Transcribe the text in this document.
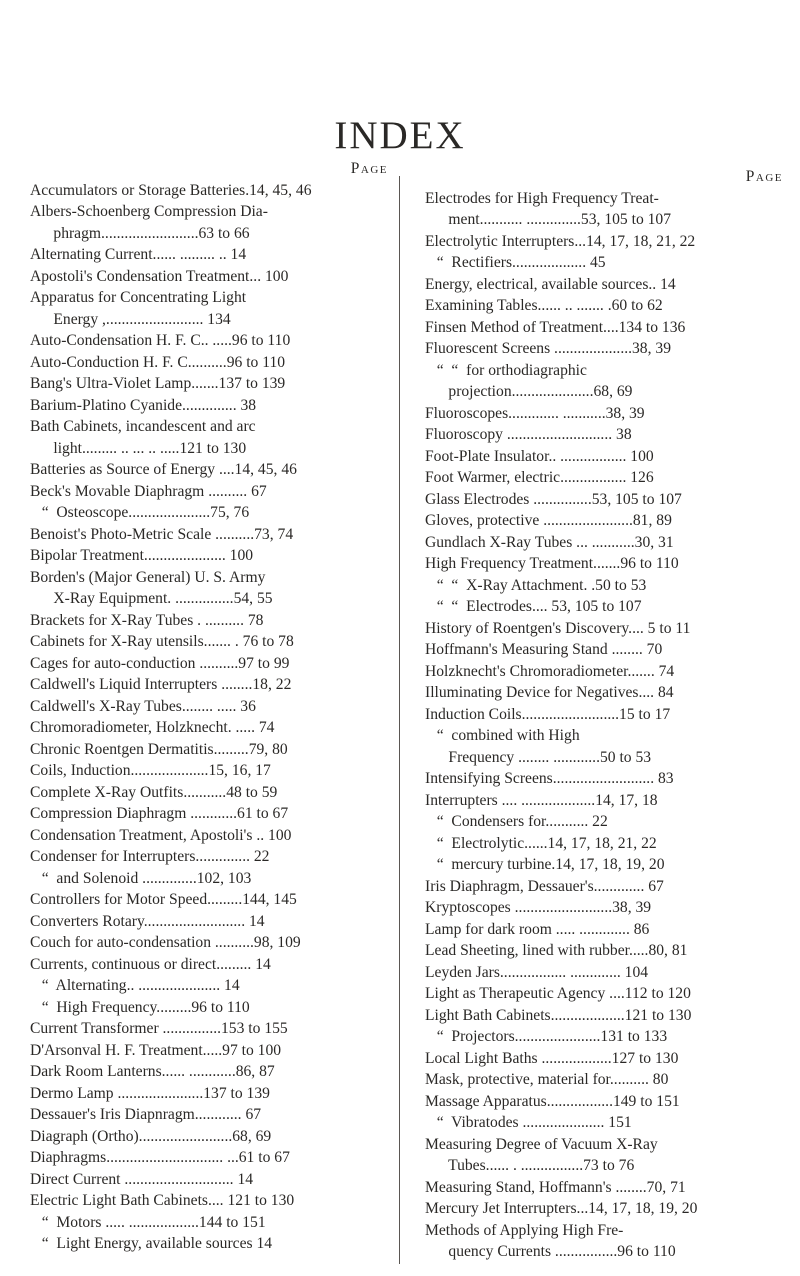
INDEX
Page
Accumulators or Storage Batteries.14, 45, 46
Albers-Schoenberg Compression Dia-
phragm.........................63 to 66
Alternating Current...... ......... .. 14
Apostoli's Condensation Treatment... 100
Apparatus for Concentrating Light
Energy ,......................... 134
Auto-Condensation H. F. C.. .....96 to 110
Auto-Conduction H. F. C..........96 to 110
Bang's Ultra-Violet Lamp.......137 to 139
Barium-Platino Cyanide.............. 38
Bath Cabinets, incandescent and arc
light......... .. ... .. .....121 to 130
Batteries as Source of Energy ....14, 45, 46
Beck's Movable Diaphragm .......... 67
“  Osteoscope.....................75, 76
Benoist's Photo-Metric Scale ..........73, 74
Bipolar Treatment..................... 100
Borden's (Major General) U. S. Army
X-Ray Equipment. ...............54, 55
Brackets for X-Ray Tubes . .......... 78
Cabinets for X-Ray utensils....... . 76 to 78
Cages for auto-conduction ..........97 to 99
Caldwell's Liquid Interrupters ........18, 22
Caldwell's X-Ray Tubes........ ..... 36
Chromoradiometer, Holzknecht. ..... 74
Chronic Roentgen Dermatitis.........79, 80
Coils, Induction....................15, 16, 17
Complete X-Ray Outfits...........48 to 59
Compression Diaphragm ............61 to 67
Condensation Treatment, Apostoli's .. 100
Condenser for Interrupters.............. 22
“  and Solenoid ..............102, 103
Controllers for Motor Speed.........144, 145
Converters Rotary.......................... 14
Couch for auto-condensation ..........98, 109
Currents, continuous or direct......... 14
“  Alternating.. ..................... 14
“  High Frequency.........96 to 110
Current Transformer ...............153 to 155
D'Arsonval H. F. Treatment.....97 to 100
Dark Room Lanterns...... ............86, 87
Dermo Lamp ......................137 to 139
Dessauer's Iris Diapnragm............ 67
Diagraph (Ortho)........................68, 69
Diaphragms.............................. ...61 to 67
Direct Current ............................ 14
Electric Light Bath Cabinets.... 121 to 130
“  Motors ..... ..................144 to 151
“  Light Energy, available sources 14
Page
Electrodes for High Frequency Treat-
ment........... ..............53, 105 to 107
Electrolytic Interrupters...14, 17, 18, 21, 22
“  Rectifiers................... 45
Energy, electrical, available sources.. 14
Examining Tables...... .. ....... .60 to 62
Finsen Method of Treatment....134 to 136
Fluorescent Screens ....................38, 39
“  “  for orthodiagraphic
projection.....................68, 69
Fluoroscopes............. ...........38, 39
Fluoroscopy ........................... 38
Foot-Plate Insulator.. ................. 100
Foot Warmer, electric................. 126
Glass Electrodes ...............53, 105 to 107
Gloves, protective .......................81, 89
Gundlach X-Ray Tubes ... ...........30, 31
High Frequency Treatment.......96 to 110
“  “  X-Ray Attachment. .50 to 53
“  “  Electrodes.... 53, 105 to 107
History of Roentgen's Discovery.... 5 to 11
Hoffmann's Measuring Stand ........ 70
Holzknecht's Chromoradiometer....... 74
Illuminating Device for Negatives.... 84
Induction Coils.........................15 to 17
“  combined with High
Frequency ........ ............50 to 53
Intensifying Screens.......................... 83
Interrupters .... ...................14, 17, 18
“  Condensers for........... 22
“  Electrolytic......14, 17, 18, 21, 22
“  mercury turbine.14, 17, 18, 19, 20
Iris Diaphragm, Dessauer's............. 67
Kryptoscopes .........................38, 39
Lamp for dark room ..... ............. 86
Lead Sheeting, lined with rubber.....80, 81
Leyden Jars................. ............. 104
Light as Therapeutic Agency ....112 to 120
Light Bath Cabinets...................121 to 130
“  Projectors......................131 to 133
Local Light Baths ..................127 to 130
Mask, protective, material for.......... 80
Massage Apparatus.................149 to 151
“  Vibratodes ..................... 151
Measuring Degree of Vacuum X-Ray
Tubes...... . ................73 to 76
Measuring Stand, Hoffmann's ........70, 71
Mercury Jet Interrupters...14, 17, 18, 19, 20
Methods of Applying High Fre-
quency Currents ................96 to 110
